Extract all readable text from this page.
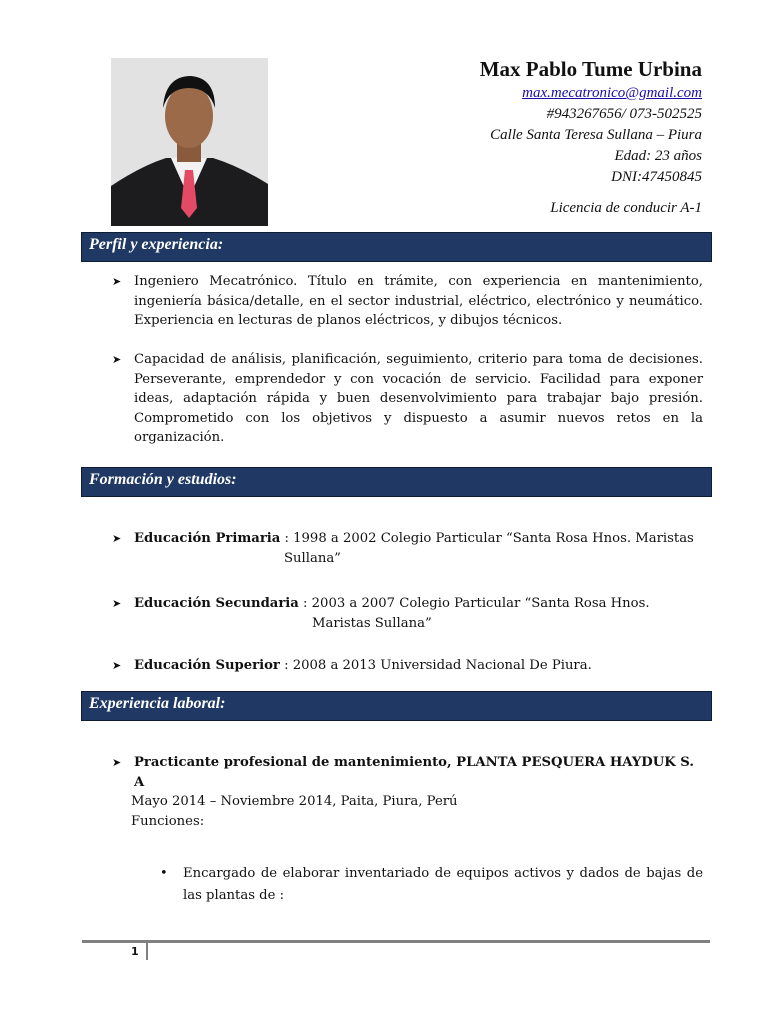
Max Pablo Tume Urbina
max.mecatronico@gmail.com
#943267656/ 073-502525
Calle Santa Teresa Sullana – Piura
Edad: 23 años
DNI:47450845
Licencia de conducir A-1
Perfil y experiencia:
➤ Ingeniero Mecatrónico. Título en trámite, con experiencia en mantenimiento, ingeniería básica/detalle, en el sector industrial, eléctrico, electrónico y neumático. Experiencia en lecturas de planos eléctricos, y dibujos técnicos.
➤ Capacidad de análisis, planificación, seguimiento, criterio para toma de decisiones. Perseverante, emprendedor y con vocación de servicio. Facilidad para exponer ideas, adaptación rápida y buen desenvolvimiento para trabajar bajo presión. Comprometido con los objetivos y dispuesto a asumir nuevos retos en la organización.
Formación y estudios:
➤ Educación Primaria : 1998 a 2002 Colegio Particular “Santa Rosa Hnos. Maristas
Sullana”
➤ Educación Secundaria : 2003 a 2007 Colegio Particular “Santa Rosa Hnos.
Maristas Sullana”
➤ Educación Superior : 2008 a 2013 Universidad Nacional De Piura.
Experiencia laboral:
➤ Practicante profesional de mantenimiento, PLANTA PESQUERA HAYDUK S. A
Mayo 2014 – Noviembre 2014, Paita, Piura, Perú
Funciones:
• Encargado de elaborar inventariado de equipos activos y dados de bajas de las plantas de :
1
